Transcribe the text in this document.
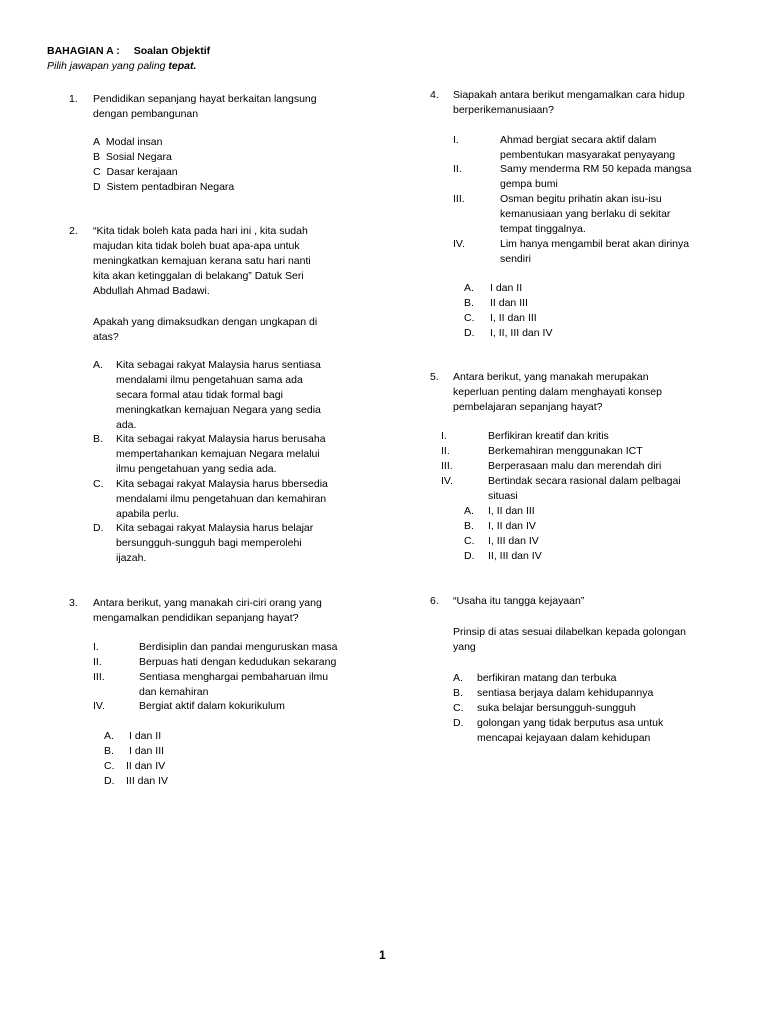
BAHAGIAN A : Soalan Objektif
Pilih jawapan yang paling tepat.
1. Pendidikan sepanjang hayat berkaitan langsung
dengan pembangunan
A Modal insan
B Sosial Negara
C Dasar kerajaan
D Sistem pentadbiran Negara
2. “Kita tidak boleh kata pada hari ini , kita sudah
majudan kita tidak boleh buat apa-apa untuk
meningkatkan kemajuan kerana satu hari nanti
kita akan ketinggalan di belakang” Datuk Seri
Abdullah Ahmad Badawi.
Apakah yang dimaksudkan dengan ungkapan di
atas?
A. Kita sebagai rakyat Malaysia harus sentiasa
mendalami ilmu pengetahuan sama ada
secara formal atau tidak formal bagi
meningkatkan kemajuan Negara yang sedia
ada.
B. Kita sebagai rakyat Malaysia harus berusaha
mempertahankan kemajuan Negara melalui
ilmu pengetahuan yang sedia ada.
C. Kita sebagai rakyat Malaysia harus bbersedia
mendalami ilmu pengetahuan dan kemahiran
apabila perlu.
D. Kita sebagai rakyat Malaysia harus belajar
bersungguh-sungguh bagi memperolehi
ijazah.
3. Antara berikut, yang manakah ciri-ciri orang yang
mengamalkan pendidikan sepanjang hayat?
I.	Berdisiplin dan pandai menguruskan masa
II.	Berpuas hati dengan kedudukan sekarang
III.	Sentiasa menghargai pembaharuan ilmu
dan kemahiran
IV.	Bergiat aktif dalam kokurikulum
A. I dan II
B. I dan III
C. II dan IV
D. III dan IV
4. Siapakah antara berikut mengamalkan cara hidup
berperikemanusiaan?
I.	Ahmad bergiat secara aktif dalam
pembentukan masyarakat penyayang
II.	Samy menderma RM 50 kepada mangsa
gempa bumi
III.	Osman begitu prihatin akan isu-isu
kemanusiaan yang berlaku di sekitar
tempat tinggalnya.
IV.	Lim hanya mengambil berat akan dirinya
sendiri
A. I dan II
B. II dan III
C. I, II dan III
D. I, II, III dan IV
5. Antara berikut, yang manakah merupakan
keperluan penting dalam menghayati konsep
pembelajaran sepanjang hayat?
I.	Berfikiran kreatif dan kritis
II.	Berkemahiran menggunakan ICT
III.	Berperasaan malu dan merendah diri
IV.	Bertindak secara rasional dalam pelbagai
situasi
A. I, II dan III
B. I, II dan IV
C. I, III dan IV
D. II, III dan IV
6. “Usaha itu tangga kejayaan”
Prinsip di atas sesuai dilabelkan kepada golongan
yang
A. berfikiran matang dan terbuka
B. sentiasa berjaya dalam kehidupannya
C. suka belajar bersungguh-sungguh
D. golongan yang tidak berputus asa untuk
mencapai kejayaan dalam kehidupan
1
